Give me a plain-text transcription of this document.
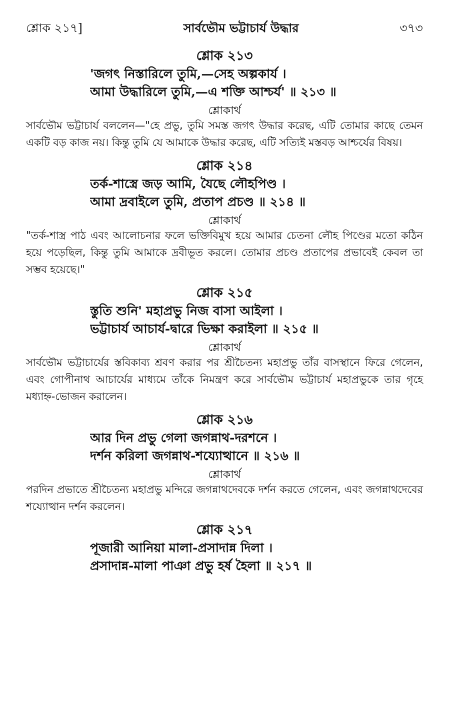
শ্লোক ২১৭]	সার্বভৌম ভট্টাচার্য উদ্ধার	৩৭৩
শ্লোক ২১৩
'জগৎ নিস্তারিলে তুমি,—সেহ অল্পকার্য ।
আমা উদ্ধারিলে তুমি,—এ শক্তি আশ্চর্য' ॥ ২১৩ ॥
শ্লোকার্থ
সার্বভৌম ভট্টাচার্য বললেন—"হে প্রভু, তুমি সমস্ত জগৎ উদ্ধার করেছ, এটি তোমার কাছে তেমন একটি বড় কাজ নয়। কিন্তু তুমি যে আমাকে উদ্ধার করেছ, এটি সত্যিই মস্তবড় আশ্চর্যের বিষয়।
শ্লোক ২১৪
তর্ক-শাস্ত্রে জড় আমি, যৈছে লৌহপিণ্ড ।
আমা দ্রবাইলে তুমি, প্রতাপ প্রচণ্ড ॥ ২১৪ ॥
শ্লোকার্থ
"তর্ক-শাস্ত্র পাঠ এবং আলোচনার ফলে ভক্তিবিমুখ হয়ে আমার চেতনা লৌহ পিণ্ডের মতো কঠিন হয়ে পড়েছিল, কিন্তু তুমি আমাকে দ্রবীভূত করলে। তোমার প্রচণ্ড প্রতাপের প্রভাবেই কেবল তা সম্ভব হয়েছে।"
শ্লোক ২১৫
স্তুতি শুনি' মহাপ্রভু নিজ বাসা আইলা ।
ভট্টাচার্য আচার্য-দ্বারে ভিক্ষা করাইলা ॥ ২১৫ ॥
শ্লোকার্থ
সার্বভৌম ভট্টাচার্যের স্তবিকাব্য শ্রবণ করার পর শ্রীচৈতন্য মহাপ্রভু তাঁর বাসস্থানে ফিরে গেলেন, এবং গোপীনাথ আচার্যের মাধ্যমে তাঁকে নিমন্ত্রণ করে সার্বভৌম ভট্টাচার্য মহাপ্রভুকে তার গৃহে মধ্যাহ্ন-ভোজন করালেন।
শ্লোক ২১৬
আর দিন প্রভু গেলা জগন্নাথ-দরশনে ।
দর্শন করিলা জগন্নাথ-শয্যোত্থানে ॥ ২১৬ ॥
শ্লোকার্থ
পরদিন প্রভাতে শ্রীচৈতন্য মহাপ্রভু মন্দিরে জগন্নাথদেবকে দর্শন করতে গেলেন, এবং জগন্নাথদেবের শয্যোত্থান দর্শন করলেন।
শ্লোক ২১৭
পূজারী আনিয়া মালা-প্রসাদান্ন দিলা ।
প্রসাদান্ন-মালা পাঞা প্রভু হর্ষ হৈলা ॥ ২১৭ ॥
